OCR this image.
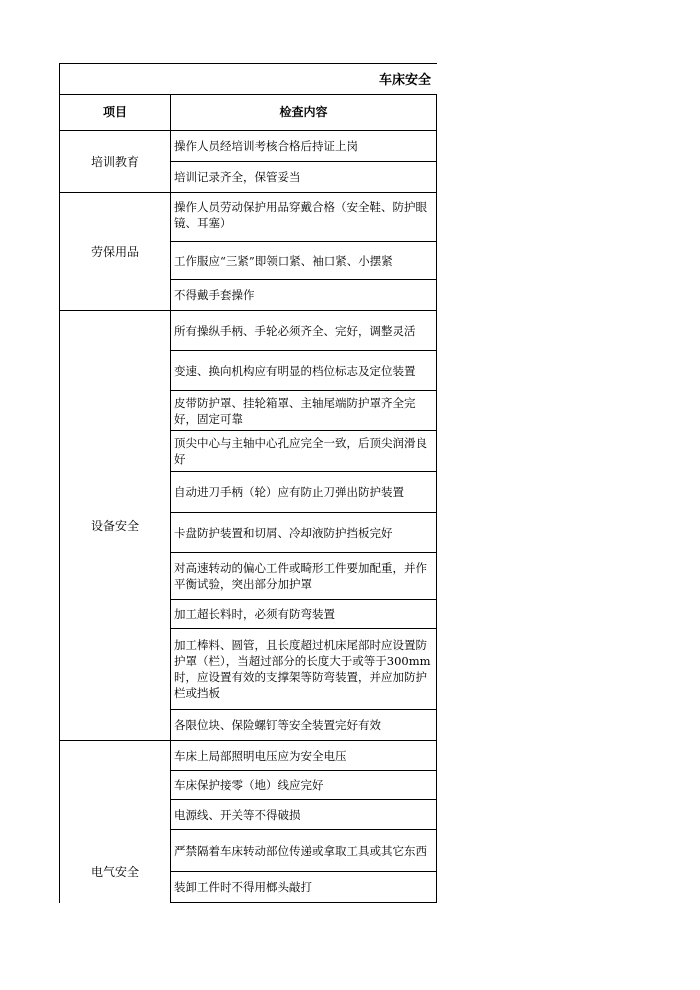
车床安全
项目	检查内容
培训教育
劳保用品
设备安全
电气安全
操作人员经培训考核合格后持证上岗
培训记录齐全，保管妥当
操作人员劳动保护用品穿戴合格（安全鞋、防护眼镜、耳塞）
工作服应“三紧”即领口紧、袖口紧、小摆紧
不得戴手套操作
所有操纵手柄、手轮必须齐全、完好，调整灵活
变速、换向机构应有明显的档位标志及定位装置
皮带防护罩、挂轮箱罩、主轴尾端防护罩齐全完好，固定可靠
顶尖中心与主轴中心孔应完全一致，后顶尖润滑良好
自动进刀手柄（轮）应有防止刀弹出防护装置
卡盘防护装置和切屑、冷却液防护挡板完好
对高速转动的偏心工件或畸形工件要加配重，并作平衡试验，突出部分加护罩
加工超长料时，必须有防弯装置
加工棒料、圆管，且长度超过机床尾部时应设置防护罩（栏），当超过部分的长度大于或等于300mm时，应设置有效的支撑架等防弯装置，并应加防护栏或挡板
各限位块、保险螺钉等安全装置完好有效
车床上局部照明电压应为安全电压
车床保护接零（地）线应完好
电源线、开关等不得破损
严禁隔着车床转动部位传递或拿取工具或其它东西
装卸工件时不得用榔头敲打
